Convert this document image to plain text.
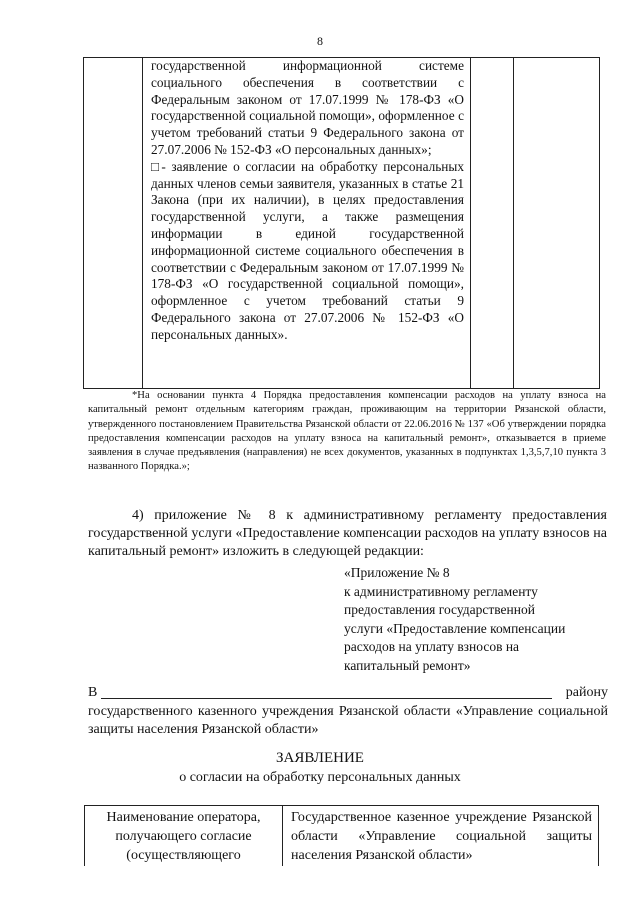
8

государственной информационной системе социального обеспечения в соответствии с Федеральным законом от 17.07.1999 № 178-ФЗ «О государственной социальной помощи», оформленное с учетом требований статьи 9 Федерального закона от 27.07.2006 № 152-ФЗ «О персональных данных»;

□- заявление о согласии на обработку персональных данных членов семьи заявителя, указанных в статье 21 Закона (при их наличии), в целях предоставления государственной услуги, а также размещения информации в единой государственной информационной системе социального обеспечения в соответствии с Федеральным законом от 17.07.1999 № 178-ФЗ «О государственной социальной помощи», оформленное с учетом требований статьи 9 Федерального закона от 27.07.2006 № 152-ФЗ «О персональных данных».

*На основании пункта 4 Порядка предоставления компенсации расходов на уплату взноса на капитальный ремонт отдельным категориям граждан, проживающим на территории Рязанской области, утвержденного постановлением Правительства Рязанской области от 22.06.2016 № 137 «Об утверждении порядка предоставления компенсации расходов на уплату взноса на капитальный ремонт», отказывается в приеме заявления в случае предъявления (направления) не всех документов, указанных в подпунктах 1,3,5,7,10 пункта 3 названного Порядка.»;
4) приложение № 8 к административному регламенту предоставления государственной услуги «Предоставление компенсации расходов на уплату взносов на капитальный ремонт» изложить в следующей редакции:
«Приложение № 8
к административному регламенту
предоставления государственной
услуги «Предоставление компенсации
расходов на уплату взносов на
капитальный ремонт»
В	району
государственного казенного учреждения Рязанской области «Управление социальной защиты населения Рязанской области»
ЗАЯВЛЕНИЕ
о согласии на обработку персональных данных
Наименование оператора, получающего согласие (осуществляющего	Государственное казенное учреждение Рязанской области «Управление социальной защиты населения Рязанской области»
